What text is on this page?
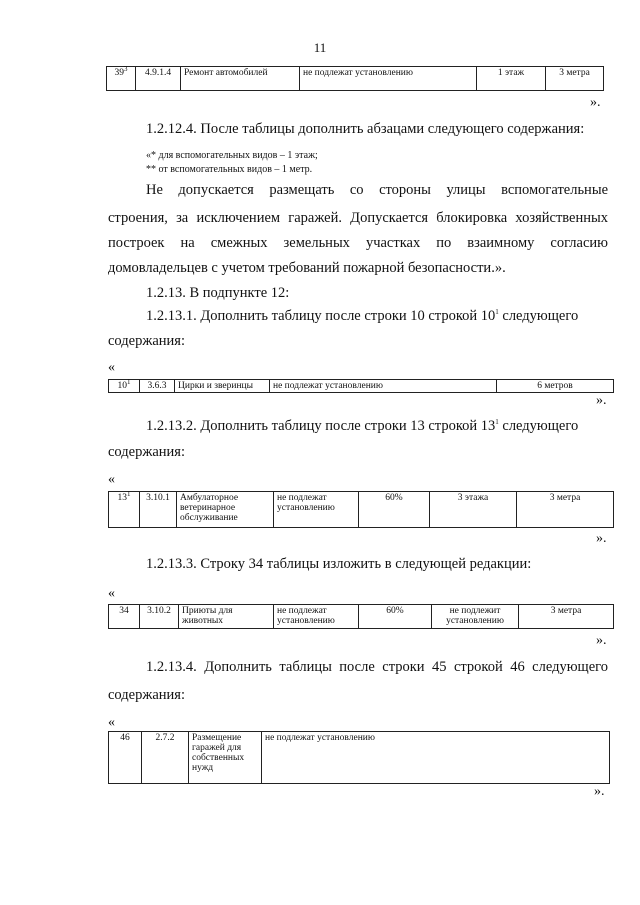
11
$39^3$	4.9.1.4	Ремонт автомобилей	не подлежат установлению	1 этаж	3 метра
».
1.2.12.4. После таблицы дополнить абзацами следующего содержания:
«* для вспомогательных видов – 1 этаж;
** от вспомогательных видов – 1 метр.
Не допускается размещать со стороны улицы вспомогательные
строения, за исключением гаражей. Допускается блокировка хозяйственных
построек на смежных земельных участках по взаимному согласию
домовладельцев с учетом требований пожарной безопасности.».
1.2.13. В подпункте 12:
1.2.13.1. Дополнить таблицу после строки 10 строкой $10^1$ следующего
содержания:
«
$10^1$	3.6.3	Цирки и зверинцы	не подлежат установлению	6 метров
».
1.2.13.2. Дополнить таблицу после строки 13 строкой $13^1$ следующего
содержания:
«
$13^1$	3.10.1	Амбулаторное ветеринарное обслуживание	не подлежат установлению	60%	3 этажа	3 метра
».
1.2.13.3. Строку 34 таблицы изложить в следующей редакции:
«
34	3.10.2	Приюты для животных	не подлежат установлению	60%	не подлежит установлению	3 метра
».
1.2.13.4. Дополнить таблицы после строки 45 строкой 46 следующего
содержания:
«
46	2.7.2	Размещение гаражей для собственных нужд	не подлежат установлению
».
